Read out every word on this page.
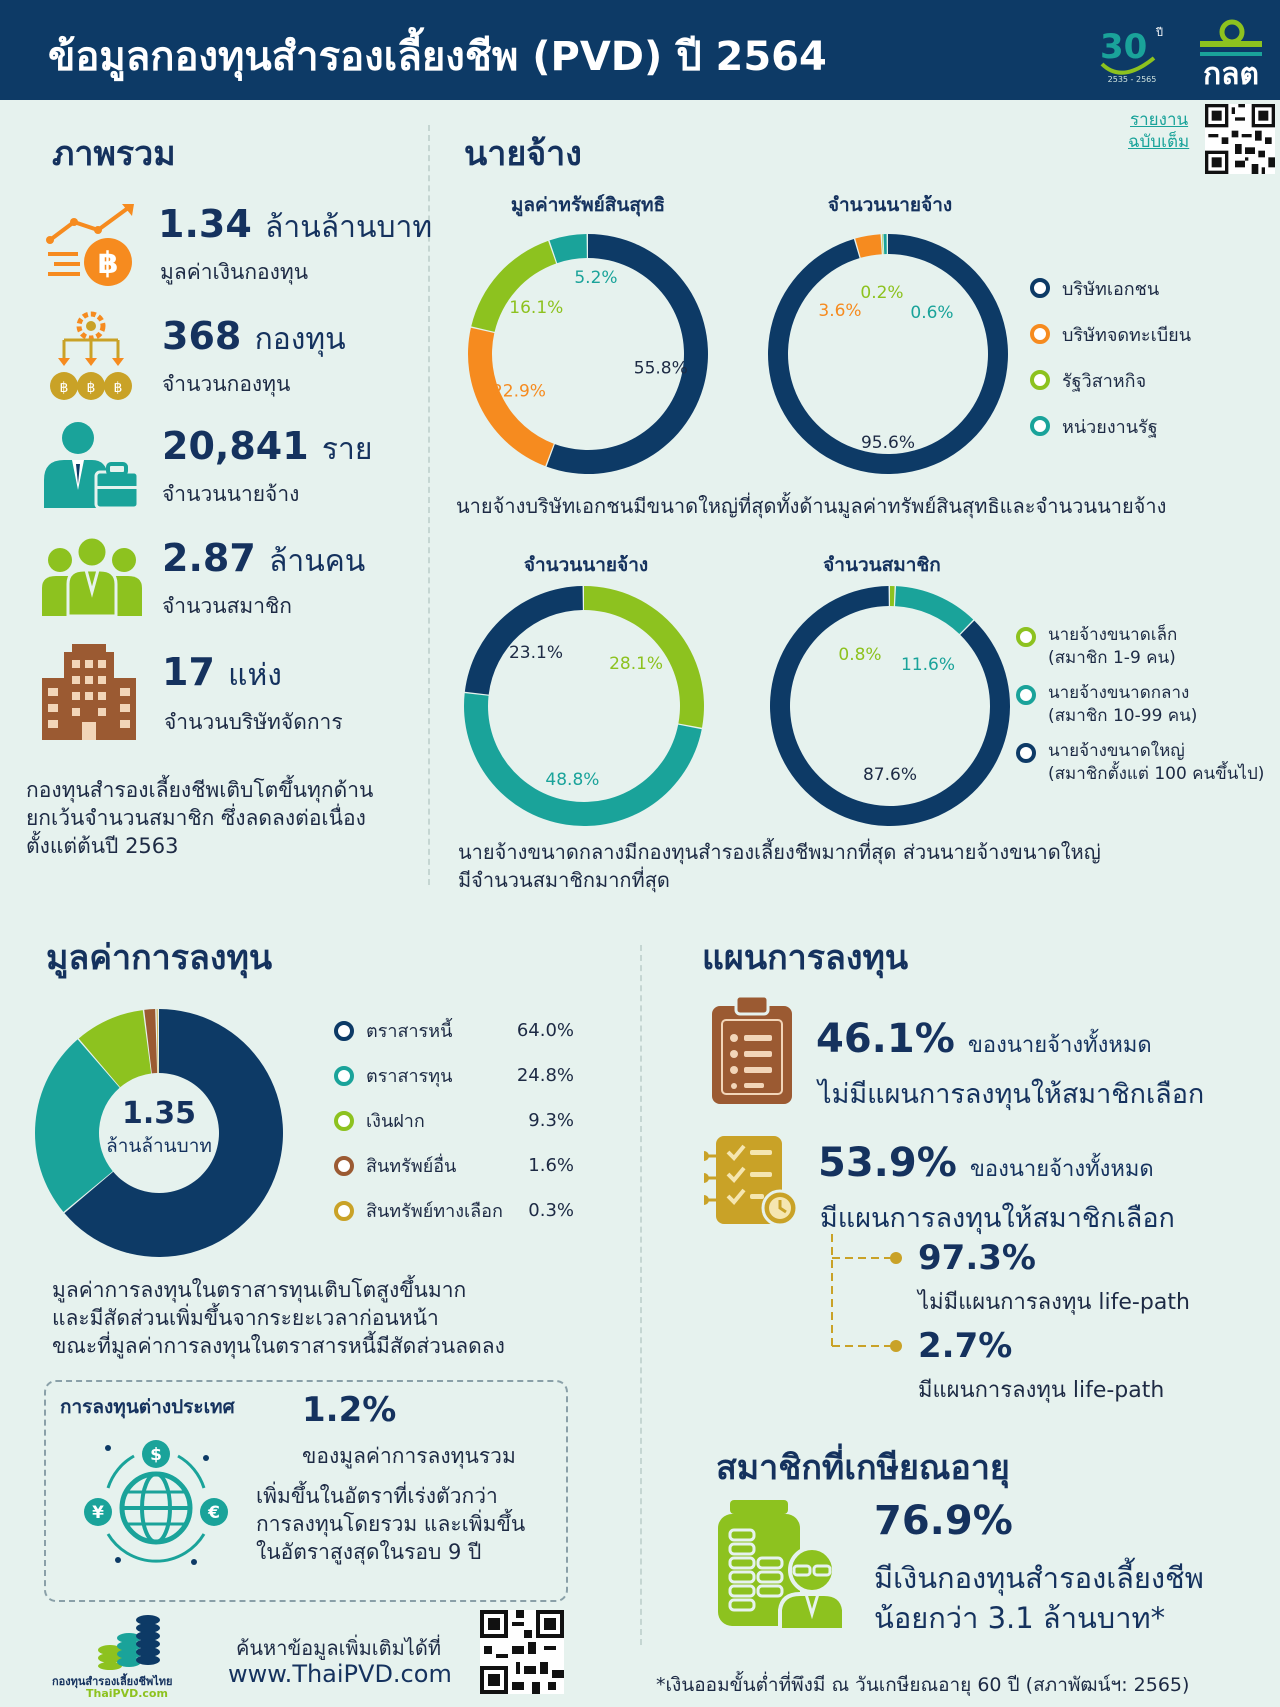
ข้อมูลกองทุนสำรองเลี้ยงชีพ (PVD) ปี 2564	30 ปี
2535 - 2565 กลต
รายงาน
ฉบับเต็ม
ภาพรวม
฿
1.34 ล้านล้านบาท
มูลค่าเงินกองทุน
฿ ฿ ฿
368 กองทุน
จำนวนกองทุน
20,841 ราย
จำนวนนายจ้าง
2.87 ล้านคน
จำนวนสมาชิก
17 แห่ง
จำนวนบริษัทจัดการ
กองทุนสำรองเลี้ยงชีพเติบโตขึ้นทุกด้าน
ยกเว้นจำนวนสมาชิก ซึ่งลดลงต่อเนื่อง
ตั้งแต่ต้นปี 2563
นายจ้าง
มูลค่าทรัพย์สินสุทธิ
55.8%
22.9%
16.1%
5.2%
จำนวนนายจ้าง
95.6%
3.6%
0.2%
0.6%
บริษัทเอกชน
บริษัทจดทะเบียน
รัฐวิสาหกิจ
หน่วยงานรัฐ
นายจ้างบริษัทเอกชนมีขนาดใหญ่ที่สุดทั้งด้านมูลค่าทรัพย์สินสุทธิและจำนวนนายจ้าง
จำนวนนายจ้าง
28.1%
48.8%
23.1%
จำนวนสมาชิก
0.8% 11.6%
87.6%
นายจ้างขนาดเล็ก
(สมาชิก 1-9 คน)
นายจ้างขนาดกลาง
(สมาชิก 10-99 คน)
นายจ้างขนาดใหญ่
(สมาชิกตั้งแต่ 100 คนขึ้นไป)
นายจ้างขนาดกลางมีกองทุนสำรองเลี้ยงชีพมากที่สุด ส่วนนายจ้างขนาดใหญ่
มีจำนวนสมาชิกมากที่สุด
มูลค่าการลงทุน
1.35
ล้านล้านบาท
ตราสารหนี้	64.0%
ตราสารทุน	24.8%
เงินฝาก	9.3%
สินทรัพย์อื่น	1.6%
สินทรัพย์ทางเลือก	0.3%
มูลค่าการลงทุนในตราสารทุนเติบโตสูงขึ้นมาก
และมีสัดส่วนเพิ่มขึ้นจากระยะเวลาก่อนหน้า
ขณะที่มูลค่าการลงทุนในตราสารหนี้มีสัดส่วนลดลง
การลงทุนต่างประเทศ 1.2%
ของมูลค่าการลงทุนรวม
$
¥	€
เพิ่มขึ้นในอัตราที่เร่งตัวกว่า
การลงทุนโดยรวม และเพิ่มขึ้น
ในอัตราสูงสุดในรอบ 9 ปี
กองทุนสำรองเลี้ยงชีพไทย
ThaiPVD.com
ค้นหาข้อมูลเพิ่มเติมได้ที่
www.ThaiPVD.com
แผนการลงทุน
46.1% ของนายจ้างทั้งหมด
ไม่มีแผนการลงทุนให้สมาชิกเลือก
53.9% ของนายจ้างทั้งหมด
มีแผนการลงทุนให้สมาชิกเลือก
97.3%
ไม่มีแผนการลงทุน life-path
2.7%
มีแผนการลงทุน life-path
สมาชิกที่เกษียณอายุ
76.9%
มีเงินกองทุนสำรองเลี้ยงชีพ
น้อยกว่า 3.1 ล้านบาท*
*เงินออมขั้นต่ำที่พึงมี ณ วันเกษียณอายุ 60 ปี (สภาพัฒน์ฯ: 2565)
